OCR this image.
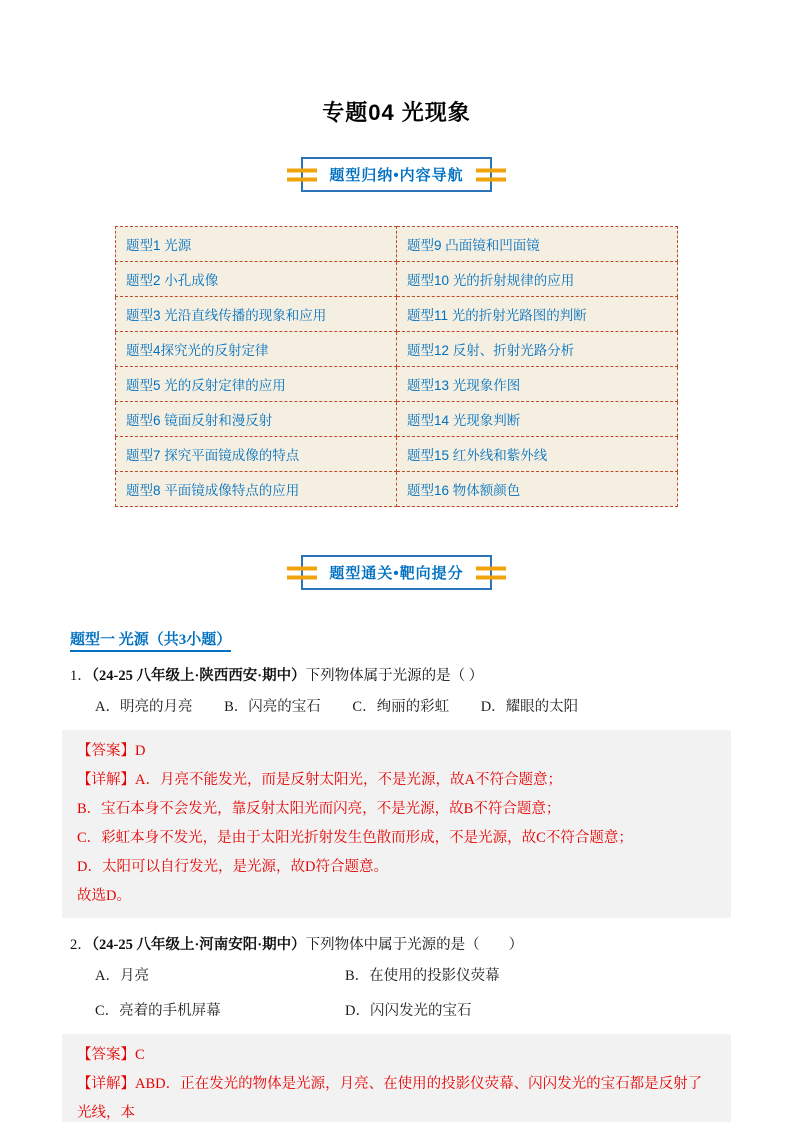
专题04 光现象
题型归纳•内容导航
题型1 光源	题型9 凸面镜和凹面镜
题型2 小孔成像	题型10 光的折射规律的应用
题型3 光沿直线传播的现象和应用	题型11 光的折射光路图的判断
题型4探究光的反射定律	题型12 反射、折射光路分析
题型5 光的反射定律的应用	题型13 光现象作图
题型6 镜面反射和漫反射	题型14 光现象判断
题型7 探究平面镜成像的特点	题型15 红外线和紫外线
题型8 平面镜成像特点的应用	题型16 物体额颜色
题型通关•靶向提分
题型一 光源（共3小题）

1．（24-25 八年级上·陕西西安·期中）下列物体属于光源的是（ ）

A．明亮的月亮 B．闪亮的宝石 C．绚丽的彩虹 D．耀眼的太阳

【答案】D

【详解】A．月亮不能发光，而是反射太阳光，不是光源，故A不符合题意；

B．宝石本身不会发光，靠反射太阳光而闪亮，不是光源，故B不符合题意；

C．彩虹本身不发光，是由于太阳光折射发生色散而形成，不是光源，故C不符合题意；

D．太阳可以自行发光，是光源，故D符合题意。

故选D。

2．（24-25 八年级上·河南安阳·期中）下列物体中属于光源的是（　　）

A．月亮	B．在使用的投影仪荧幕
C．亮着的手机屏幕	D．闪闪发光的宝石

【答案】C

【详解】ABD．正在发光的物体是光源，月亮、在使用的投影仪荧幕、闪闪发光的宝石都是反射了光线，本
